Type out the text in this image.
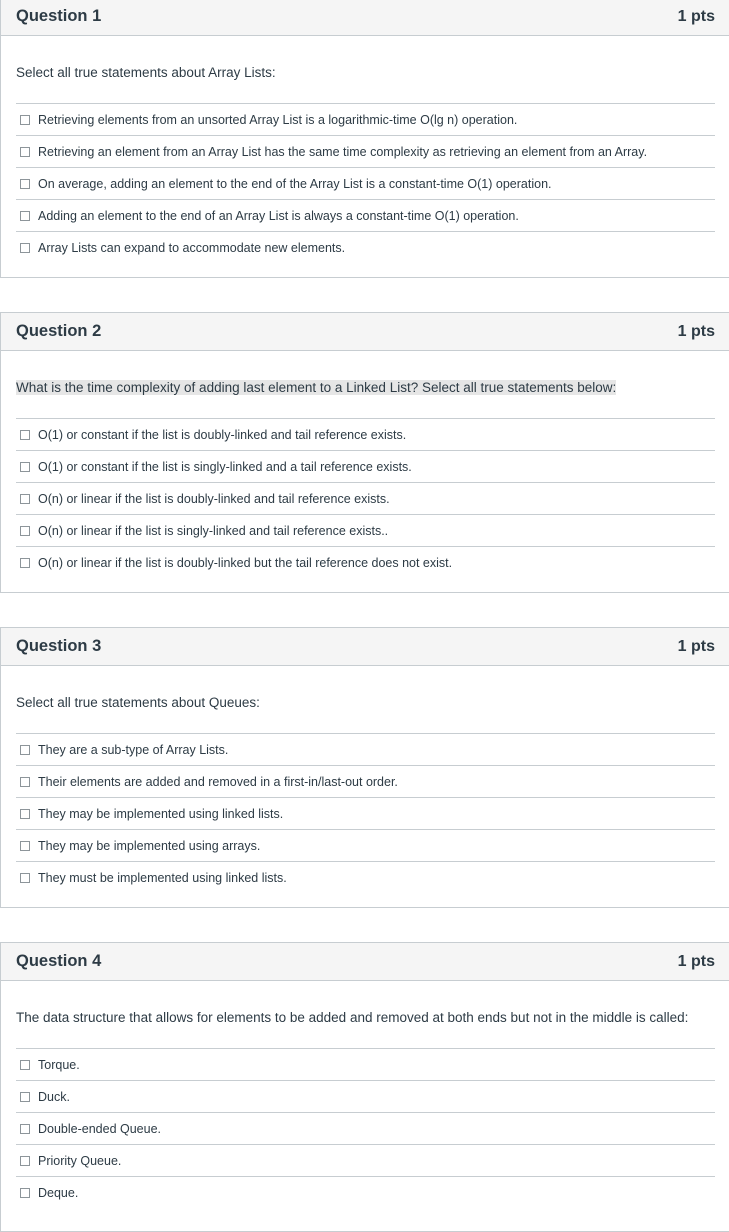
Question 1	1 pts
Select all true statements about Array Lists:
Retrieving elements from an unsorted Array List is a logarithmic-time O(lg n) operation.
Retrieving an element from an Array List has the same time complexity as retrieving an element from an Array.
On average, adding an element to the end of the Array List is a constant-time O(1) operation.
Adding an element to the end of an Array List is always a constant-time O(1) operation.
Array Lists can expand to accommodate new elements.
Question 2	1 pts
What is the time complexity of adding last element to a Linked List? Select all true statements below:
O(1) or constant if the list is doubly-linked and tail reference exists.
O(1) or constant if the list is singly-linked and a tail reference exists.
O(n) or linear if the list is doubly-linked and tail reference exists.
O(n) or linear if the list is singly-linked and tail reference exists..
O(n) or linear if the list is doubly-linked but the tail reference does not exist.
Question 3	1 pts
Select all true statements about Queues:
They are a sub-type of Array Lists.
Their elements are added and removed in a first-in/last-out order.
They may be implemented using linked lists.
They may be implemented using arrays.
They must be implemented using linked lists.
Question 4	1 pts
The data structure that allows for elements to be added and removed at both ends but not in the middle is called:
Torque.
Duck.
Double-ended Queue.
Priority Queue.
Deque.
